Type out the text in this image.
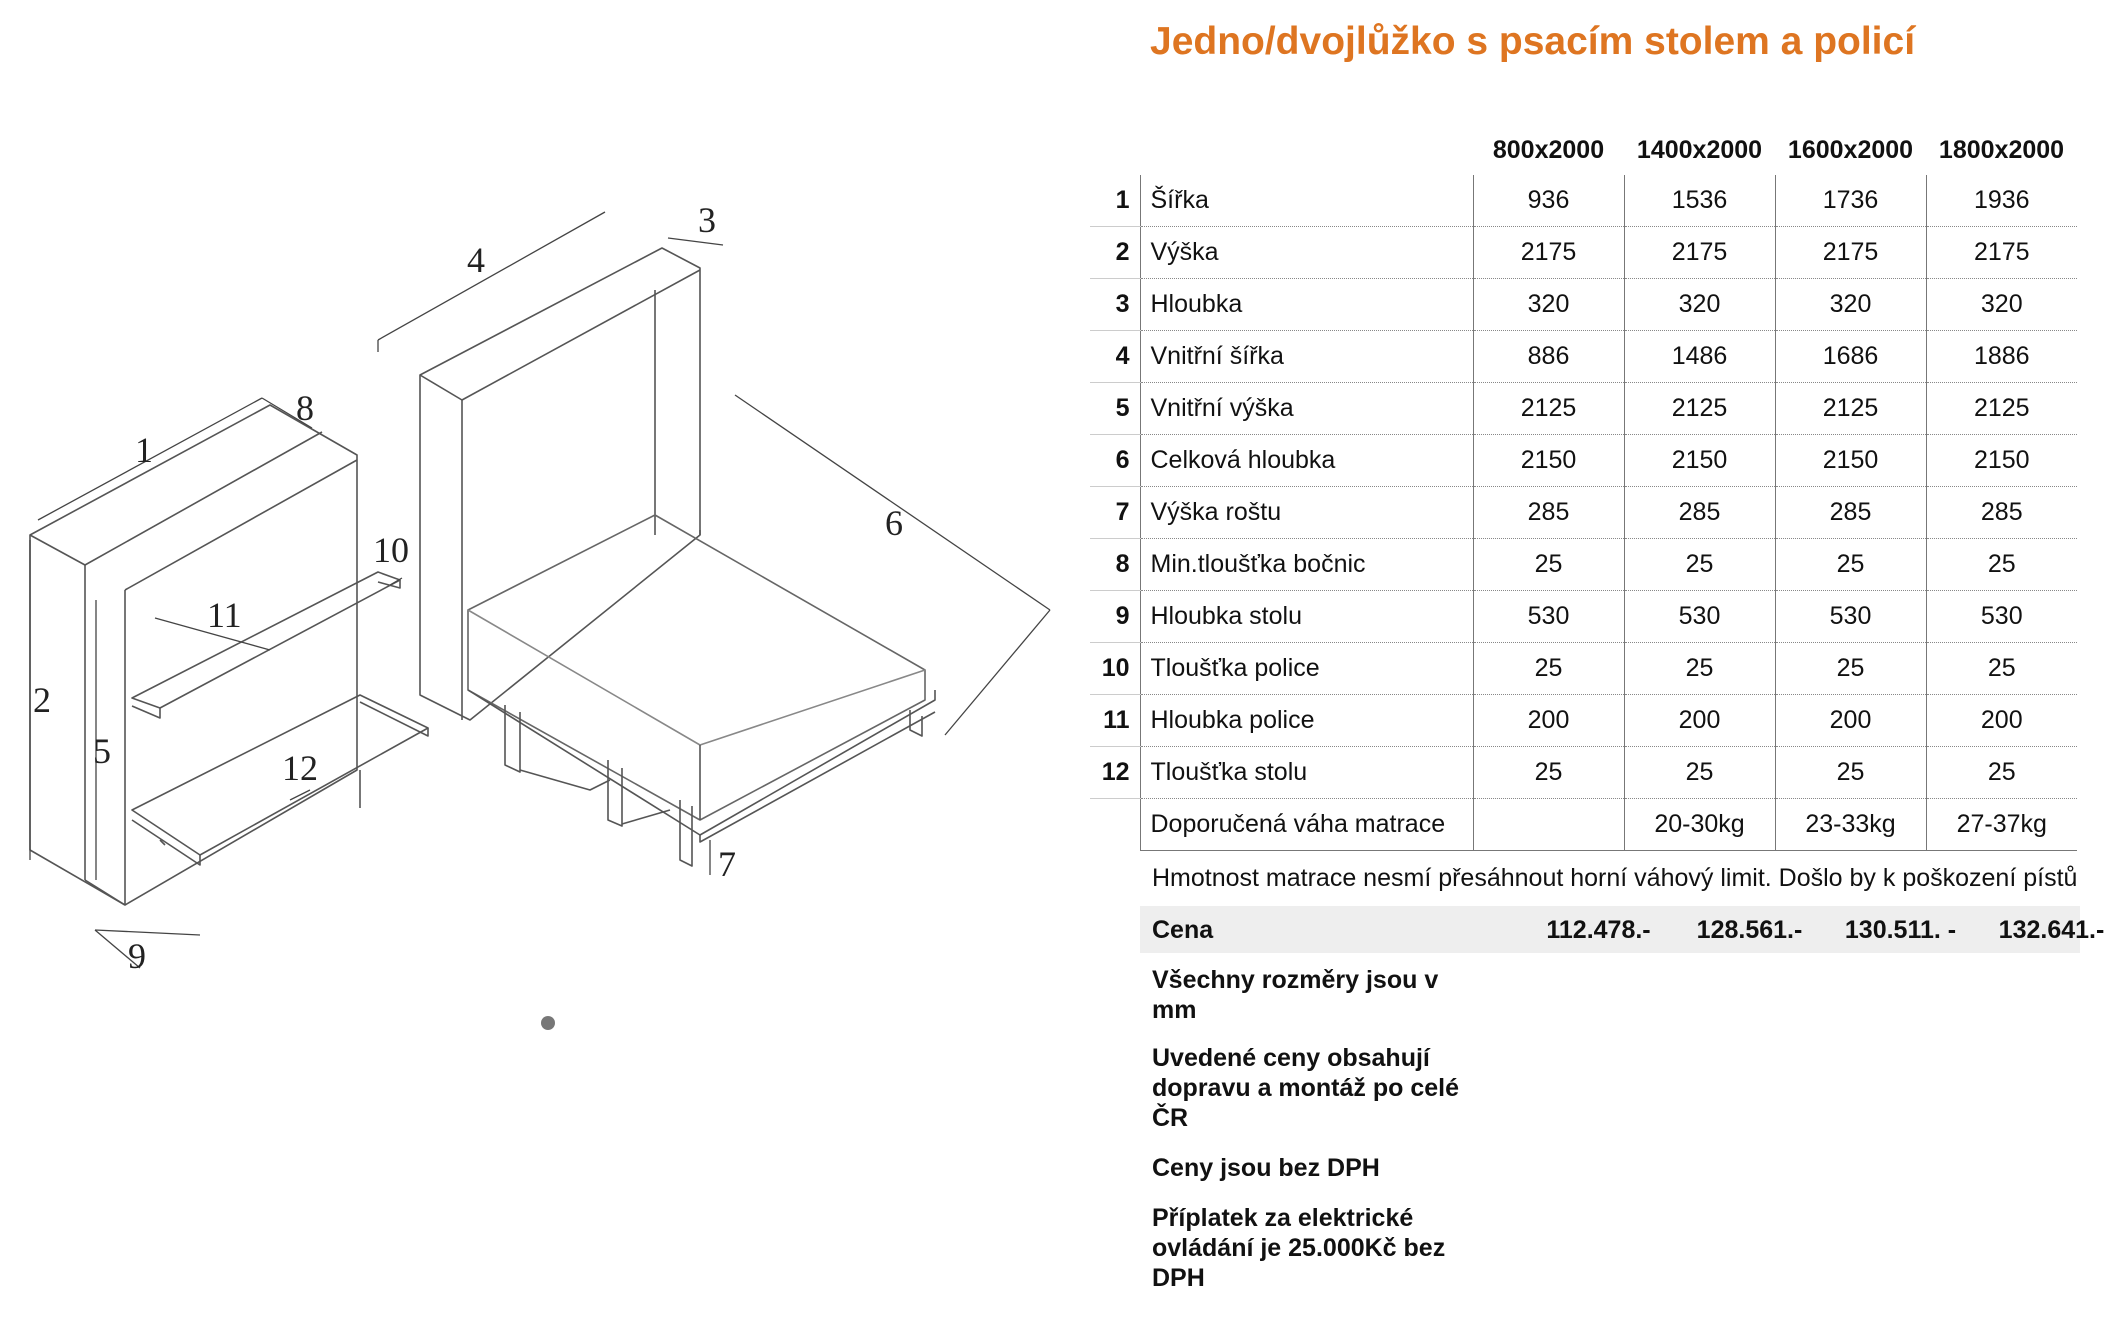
1
2
3
4
5
6
7
8
9
10
11
12
Jedno/dvojlůžko s psacím stolem a policí
		800x2000	1400x2000	1600x2000	1800x2000
1	Šířka	936	1536	1736	1936
2	Výška	2175	2175	2175	2175
3	Hloubka	320	320	320	320
4	Vnitřní šířka	886	1486	1686	1886
5	Vnitřní výška	2125	2125	2125	2125
6	Celková hloubka	2150	2150	2150	2150
7	Výška roštu	285	285	285	285
8	Min.tloušťka bočnic	25	25	25	25
9	Hloubka stolu	530	530	530	530
10	Tloušťka police	25	25	25	25
11	Hloubka police	200	200	200	200
12	Tloušťka stolu	25	25	25	25
	Doporučená váha matrace		20-30kg	23-33kg	27-37kg
Hmotnost matrace nesmí přesáhnout horní váhový limit. Došlo by k poškození pístů
Cena	112.478.-	128.561.-	130.511. -	132.641.-
Všechny rozměry jsou v mm
Uvedené ceny obsahují dopravu a montáž po celé ČR
Ceny jsou bez DPH
Příplatek za elektrické ovládání je 25.000Kč bez DPH
